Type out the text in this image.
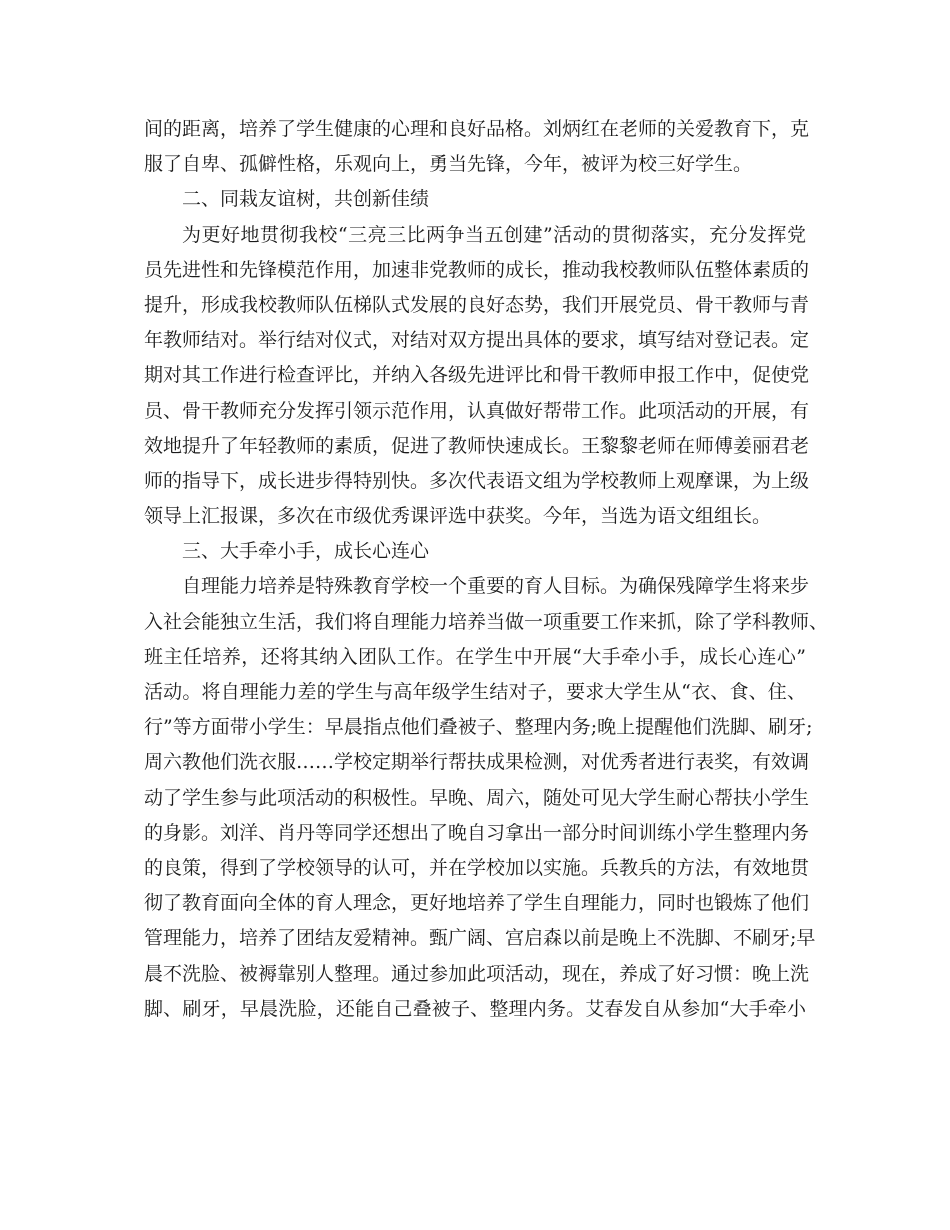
间的距离，培养了学生健康的心理和良好品格。刘炳红在老师的关爱教育下，克
服了自卑、孤僻性格，乐观向上，勇当先锋，今年，被评为校三好学生。
二、同栽友谊树，共创新佳绩
为更好地贯彻我校“三亮三比两争当五创建”活动的贯彻落实，充分发挥党
员先进性和先锋模范作用，加速非党教师的成长，推动我校教师队伍整体素质的
提升，形成我校教师队伍梯队式发展的良好态势，我们开展党员、骨干教师与青
年教师结对。举行结对仪式，对结对双方提出具体的要求，填写结对登记表。定
期对其工作进行检查评比，并纳入各级先进评比和骨干教师申报工作中，促使党
员、骨干教师充分发挥引领示范作用，认真做好帮带工作。此项活动的开展，有
效地提升了年轻教师的素质，促进了教师快速成长。王黎黎老师在师傅姜丽君老
师的指导下，成长进步得特别快。多次代表语文组为学校教师上观摩课，为上级
领导上汇报课，多次在市级优秀课评选中获奖。今年，当选为语文组组长。
三、大手牵小手，成长心连心
自理能力培养是特殊教育学校一个重要的育人目标。为确保残障学生将来步
入社会能独立生活，我们将自理能力培养当做一项重要工作来抓，除了学科教师、
班主任培养，还将其纳入团队工作。在学生中开展“大手牵小手，成长心连心”
活动。将自理能力差的学生与高年级学生结对子，要求大学生从“衣、食、住、
行”等方面带小学生：早晨指点他们叠被子、整理内务;晚上提醒他们洗脚、刷牙;
周六教他们洗衣服……学校定期举行帮扶成果检测，对优秀者进行表奖，有效调
动了学生参与此项活动的积极性。早晚、周六，随处可见大学生耐心帮扶小学生
的身影。刘洋、肖丹等同学还想出了晚自习拿出一部分时间训练小学生整理内务
的良策，得到了学校领导的认可，并在学校加以实施。兵教兵的方法，有效地贯
彻了教育面向全体的育人理念，更好地培养了学生自理能力，同时也锻炼了他们
管理能力，培养了团结友爱精神。甄广阔、宫启森以前是晚上不洗脚、不刷牙;早
晨不洗脸、被褥靠别人整理。通过参加此项活动，现在，养成了好习惯：晚上洗
脚、刷牙，早晨洗脸，还能自己叠被子、整理内务。艾春发自从参加“大手牵小
